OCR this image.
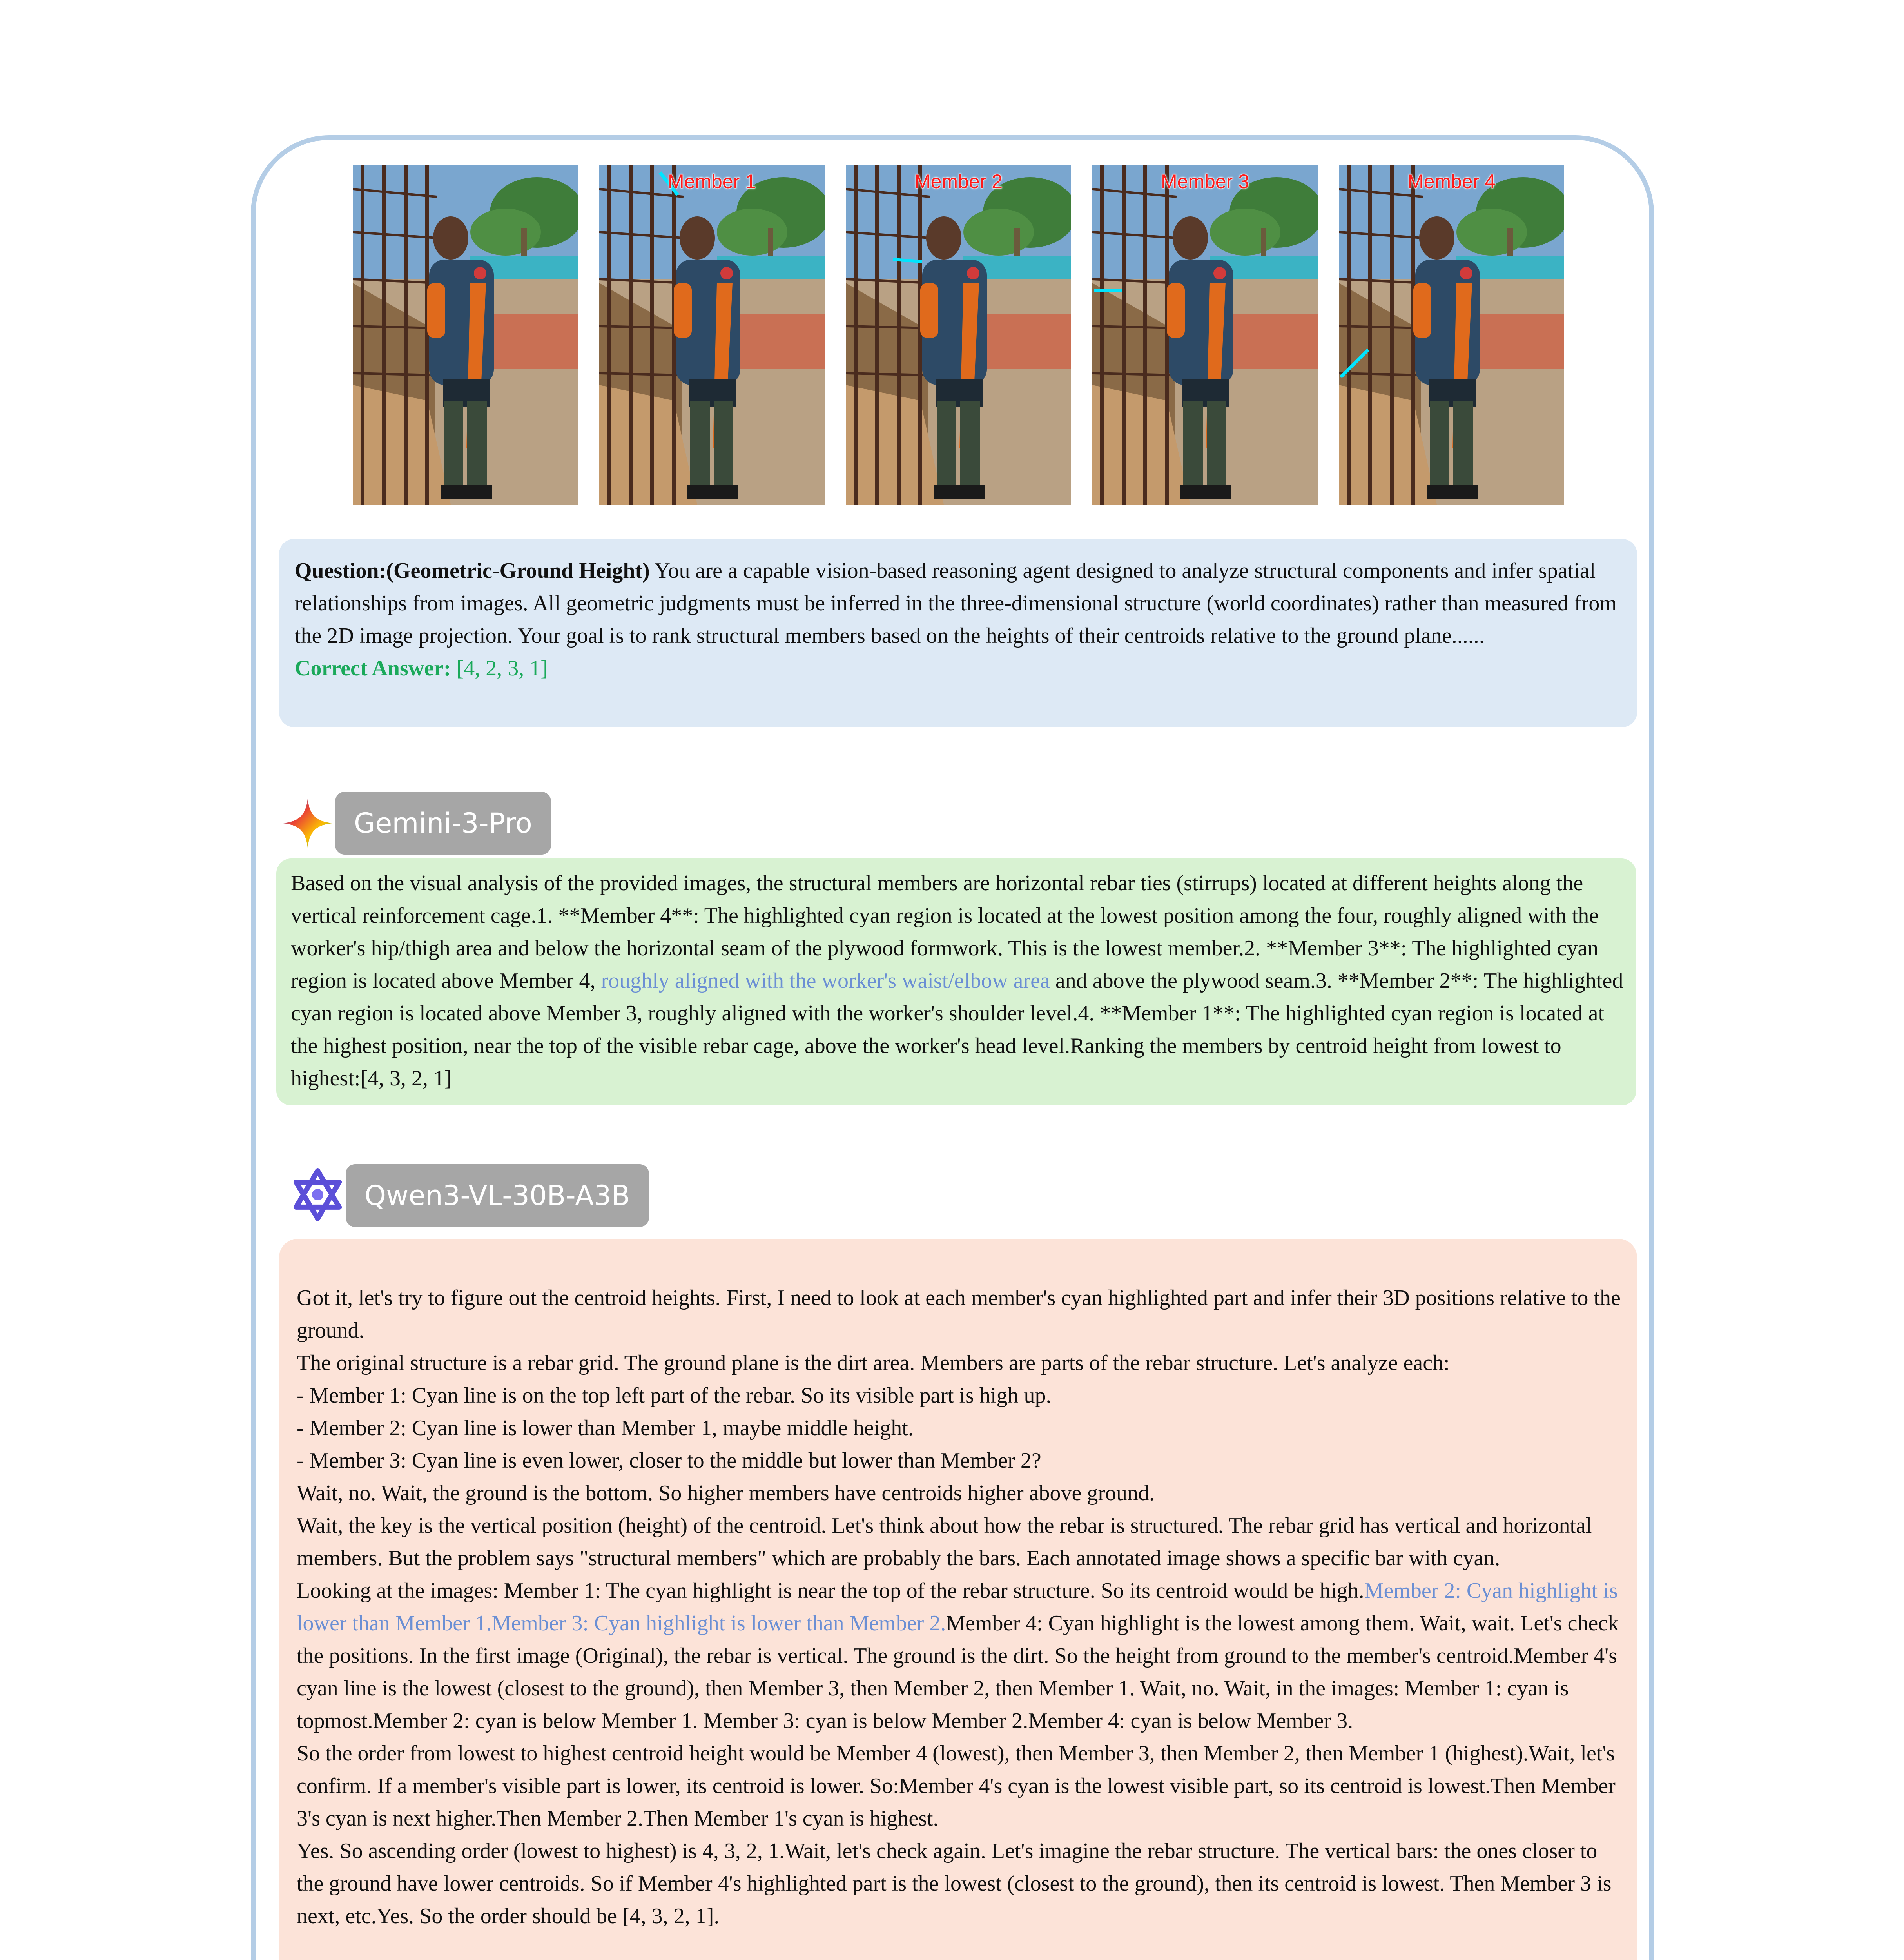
Member 1	Member 2	Member 3	Member 4
Question:(Geometric-Ground Height) You are a capable vision-based reasoning agent designed to analyze structural components and infer spatial relationships from images. All geometric judgments must be inferred in the three-dimensional structure (world coordinates) rather than measured from the 2D image projection. Your goal is to rank structural members based on the heights of their centroids relative to the ground plane......
Correct Answer: [4, 2, 3, 1]
Gemini-3-Pro
Based on the visual analysis of the provided images, the structural members are horizontal rebar ties (stirrups) located at different heights along the vertical reinforcement cage.1. **Member 4**: The highlighted cyan region is located at the lowest position among the four, roughly aligned with the worker's hip/thigh area and below the horizontal seam of the plywood formwork. This is the lowest member.2. **Member 3**: The highlighted cyan region is located above Member 4, roughly aligned with the worker's waist/elbow area and above the plywood seam.3. **Member 2**: The highlighted cyan region is located above Member 3, roughly aligned with the worker's shoulder level.4. **Member 1**: The highlighted cyan region is located at the highest position, near the top of the visible rebar cage, above the worker's head level.Ranking the members by centroid height from lowest to highest:[4, 3, 2, 1]
Qwen3-VL-30B-A3B

Got it, let's try to figure out the centroid heights. First, I need to look at each member's cyan highlighted part and infer their 3D positions relative to the ground.

The original structure is a rebar grid. The ground plane is the dirt area. Members are parts of the rebar structure. Let's analyze each:

- Member 1: Cyan line is on the top left part of the rebar. So its visible part is high up.

- Member 2: Cyan line is lower than Member 1, maybe middle height.

- Member 3: Cyan line is even lower, closer to the middle but lower than Member 2?

Wait, no. Wait, the ground is the bottom. So higher members have centroids higher above ground.

Wait, the key is the vertical position (height) of the centroid. Let's think about how the rebar is structured. The rebar grid has vertical and horizontal members. But the problem says "structural members" which are probably the bars. Each annotated image shows a specific bar with cyan.

Looking at the images: Member 1: The cyan highlight is near the top of the rebar structure. So its centroid would be high.Member 2: Cyan highlight is lower than Member 1.Member 3: Cyan highlight is lower than Member 2.Member 4: Cyan highlight is the lowest among them. Wait, wait. Let's check the positions. In the first image (Original), the rebar is vertical. The ground is the dirt. So the height from ground to the member's centroid.Member 4's cyan line is the lowest (closest to the ground), then Member 3, then Member 2, then Member 1. Wait, no. Wait, in the images: Member 1: cyan is topmost.Member 2: cyan is below Member 1. Member 3: cyan is below Member 2.Member 4: cyan is below Member 3.

So the order from lowest to highest centroid height would be Member 4 (lowest), then Member 3, then Member 2, then Member 1 (highest).Wait, let's confirm. If a member's visible part is lower, its centroid is lower. So:Member 4's cyan is the lowest visible part, so its centroid is lowest.Then Member 3's cyan is next higher.Then Member 2.Then Member 1's cyan is highest.

Yes. So ascending order (lowest to highest) is 4, 3, 2, 1.Wait, let's check again. Let's imagine the rebar structure. The vertical bars: the ones closer to the ground have lower centroids. So if Member 4's highlighted part is the lowest (closest to the ground), then its centroid is lowest. Then Member 3 is next, etc.Yes. So the order should be [4, 3, 2, 1].
